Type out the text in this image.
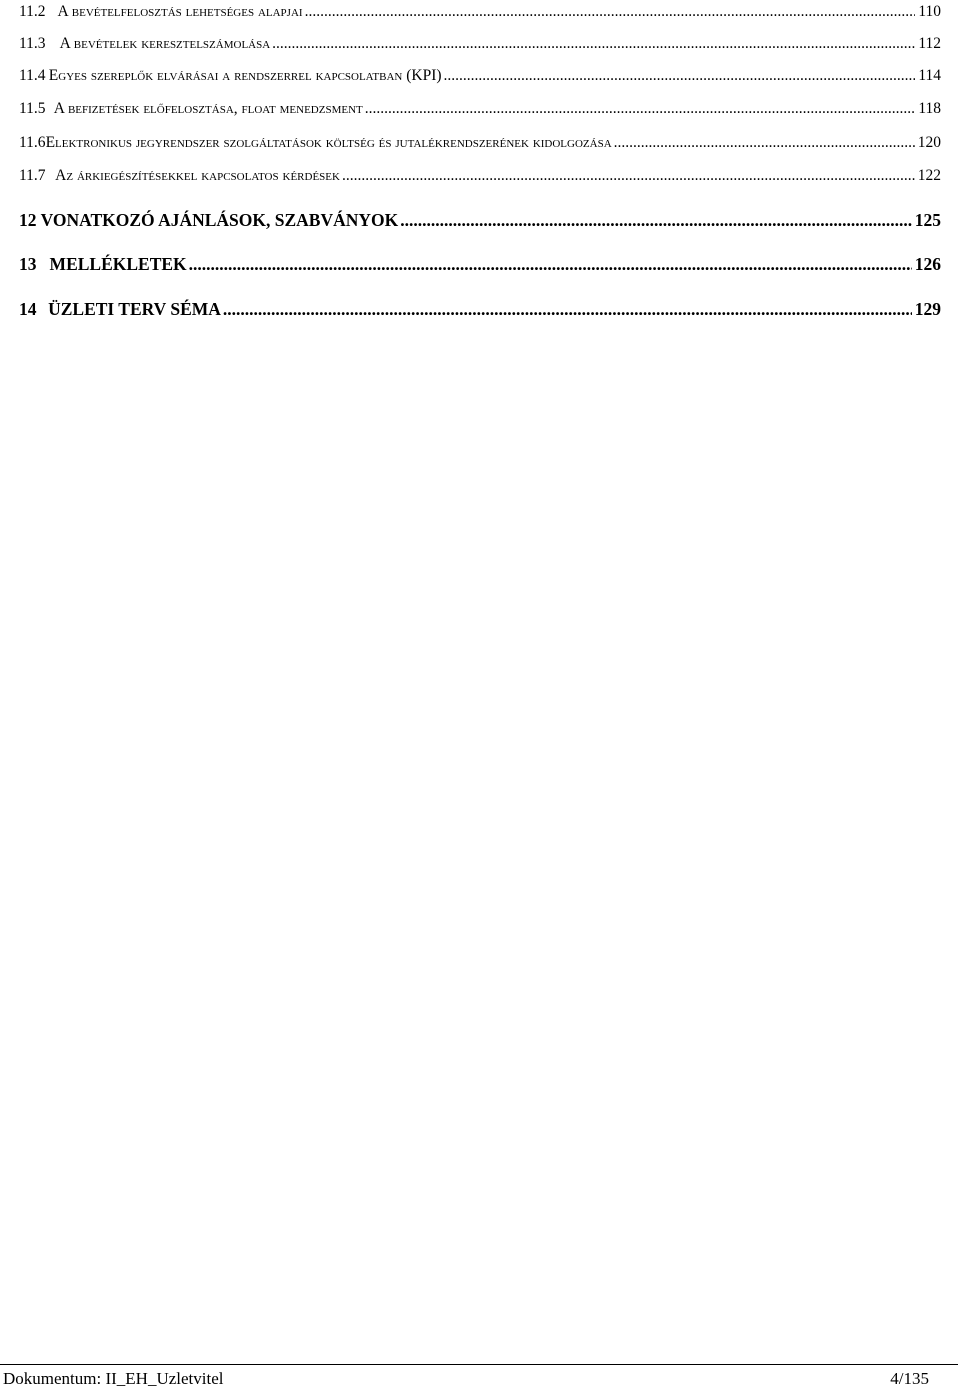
11.2 A bevételfelosztás lehetséges alapjai .....	110
11.3 A bevételek keresztelszámolása .....	112
11.4 Egyes szereplők elvárásai a rendszerrel kapcsolatban (KPI) .....	114
11.5 A befizetések előfelosztása, float menedzsment .....	118
11.6 Elektronikus jegyrendszer szolgáltatások költség és jutalékrendszerének kidolgozása .....	120
11.7 Az árkiegészítésekkel kapcsolatos kérdések .....	122
12 VONATKOZÓ AJÁNLÁSOK, SZABVÁNYOK .....	125
13 MELLÉKLETEK .....	126
14 ÜZLETI TERV SÉMA .....	129
Dokumentum: II_EH_Uzletvitel	4/135
